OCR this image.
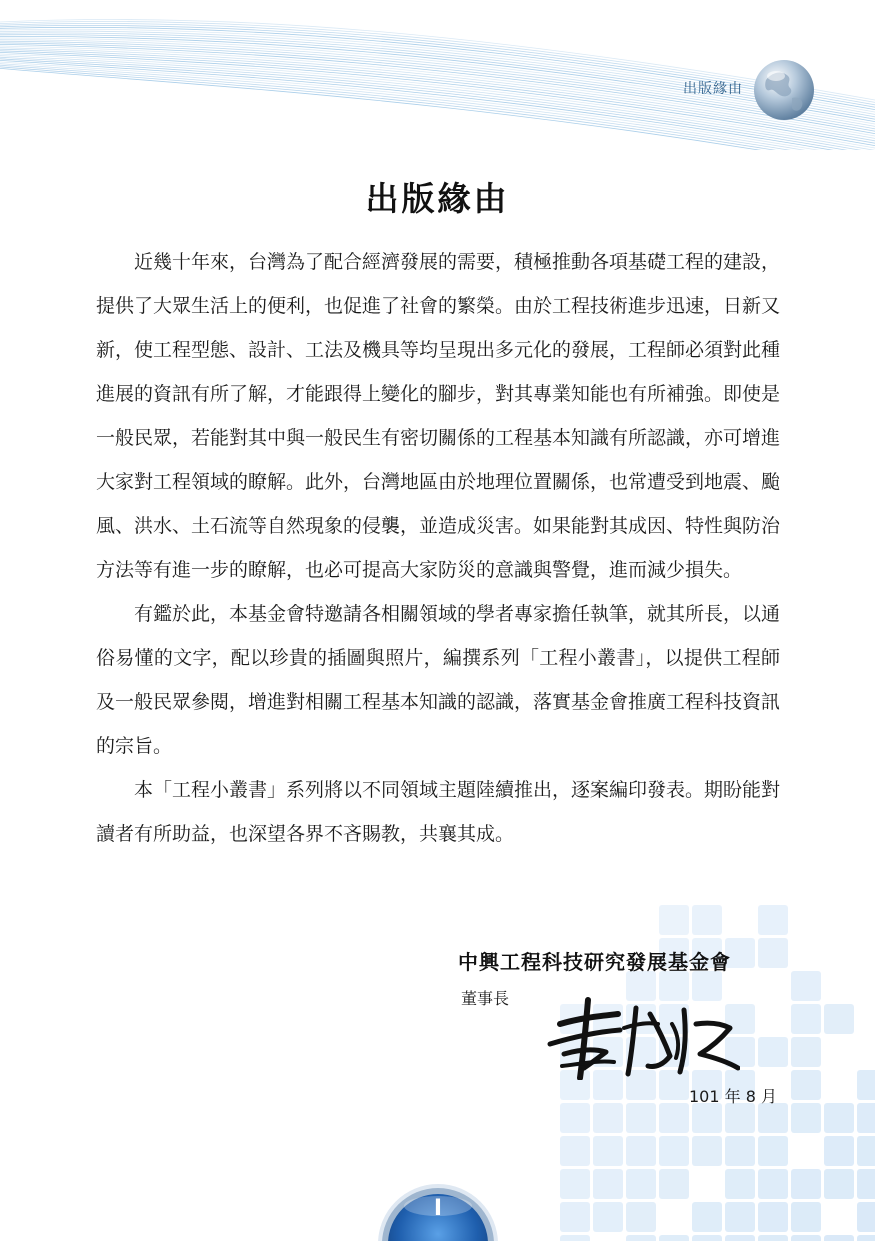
出版緣由
出版緣由

近幾十年來，台灣為了配合經濟發展的需要，積極推動各項基礎工程的建設，提供了大眾生活上的便利，也促進了社會的繁榮。由於工程技術進步迅速，日新又新，使工程型態、設計、工法及機具等均呈現出多元化的發展，工程師必須對此種進展的資訊有所了解，才能跟得上變化的腳步，對其專業知能也有所補強。即使是一般民眾，若能對其中與一般民生有密切關係的工程基本知識有所認識，亦可增進大家對工程領域的瞭解。此外，台灣地區由於地理位置關係，也常遭受到地震、颱風、洪水、土石流等自然現象的侵襲，並造成災害。如果能對其成因、特性與防治方法等有進一步的瞭解，也必可提高大家防災的意識與警覺，進而減少損失。

有鑑於此，本基金會特邀請各相關領域的學者專家擔任執筆，就其所長，以通俗易懂的文字，配以珍貴的插圖與照片，編撰系列「工程小叢書」，以提供工程師及一般民眾參閱，增進對相關工程基本知識的認識，落實基金會推廣工程科技資訊的宗旨。

本「工程小叢書」系列將以不同領域主題陸續推出，逐案編印發表。期盼能對讀者有所助益，也深望各界不吝賜教，共襄其成。

中興工程科技研究發展基金會
董事長
101 年 8 月
I
